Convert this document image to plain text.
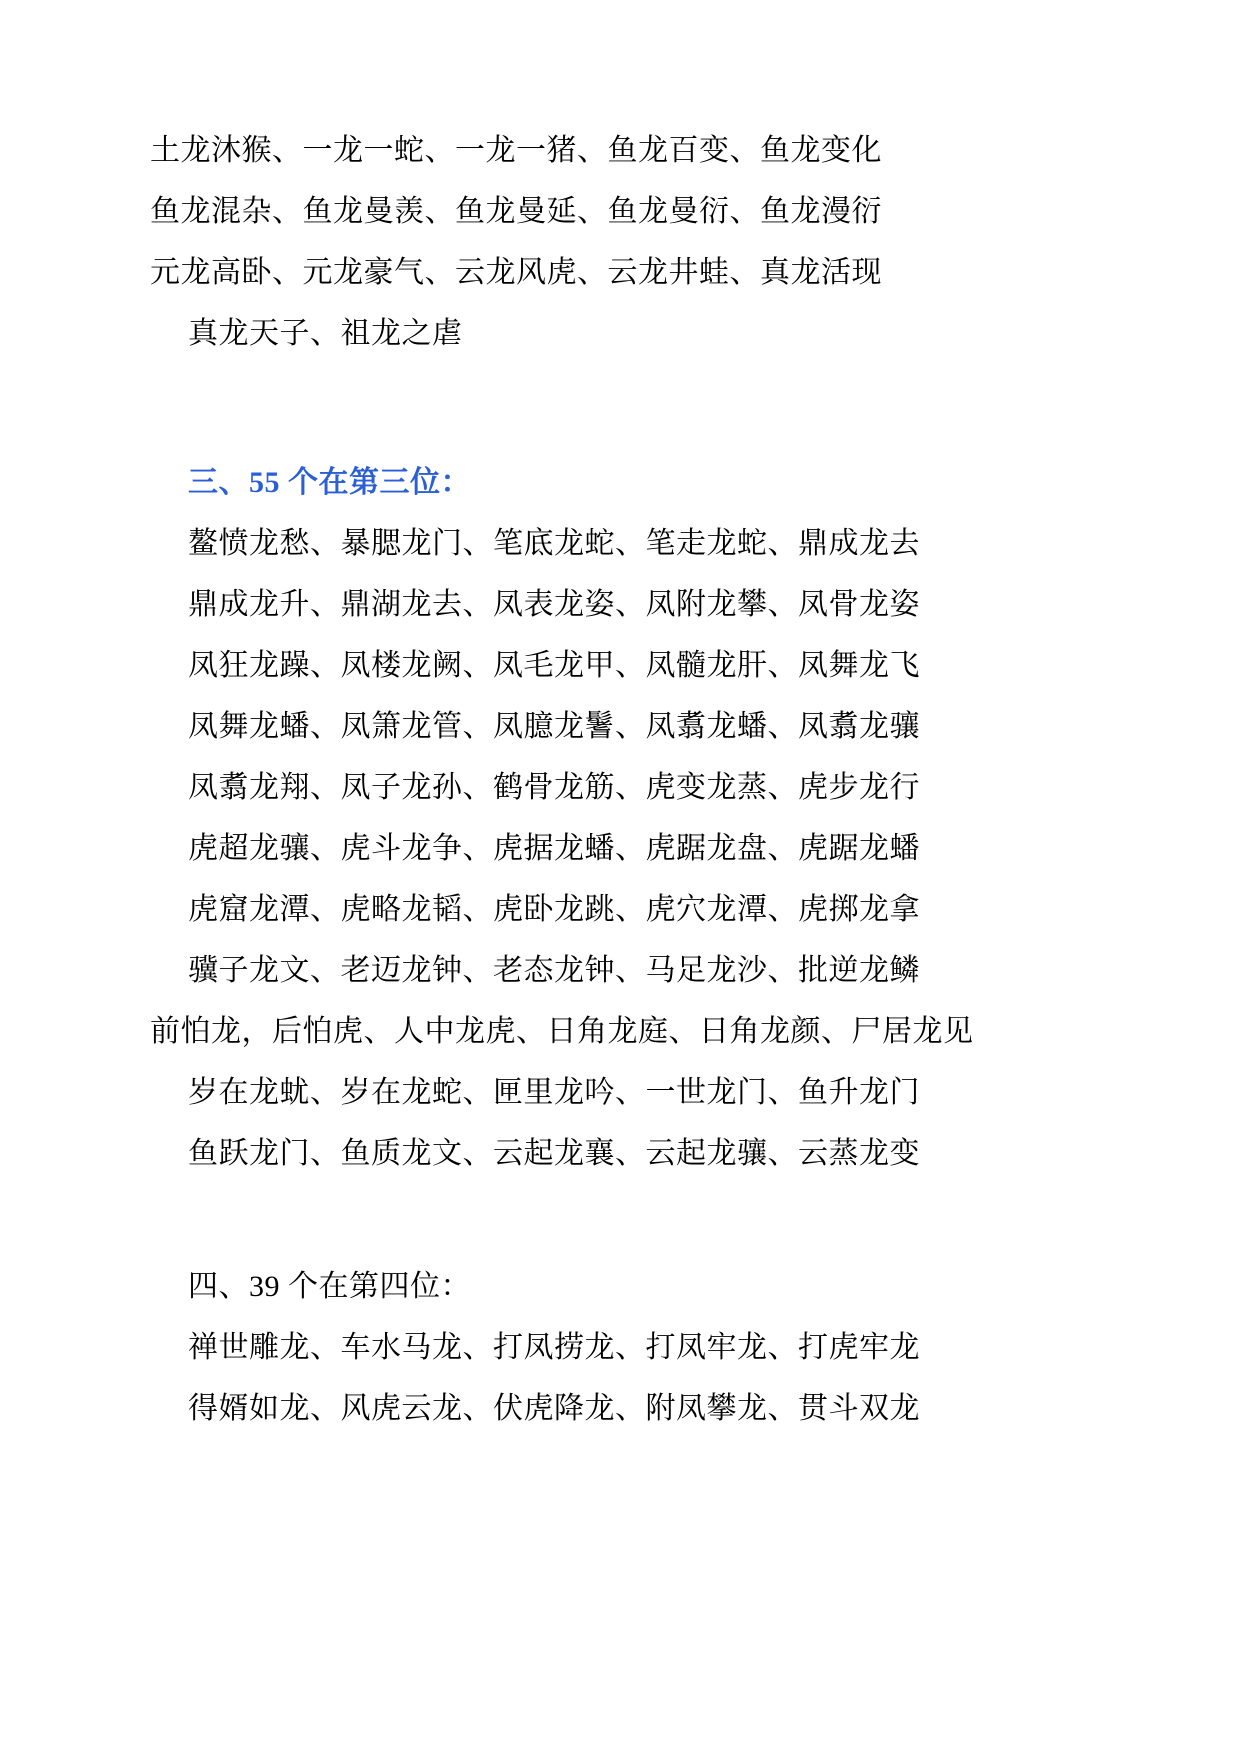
土龙沐猴、一龙一蛇、一龙一猪、鱼龙百变、鱼龙变化

鱼龙混杂、鱼龙曼羡、鱼龙曼延、鱼龙曼衍、鱼龙漫衍

元龙高卧、元龙豪气、云龙风虎、云龙井蛙、真龙活现

真龙天子、祖龙之虐

三、55 个在第三位：

鳌愤龙愁、暴腮龙门、笔底龙蛇、笔走龙蛇、鼎成龙去

鼎成龙升、鼎湖龙去、凤表龙姿、凤附龙攀、凤骨龙姿

凤狂龙躁、凤楼龙阙、凤毛龙甲、凤髓龙肝、凤舞龙飞

凤舞龙蟠、凤箫龙管、凤臆龙鬐、凤翥龙蟠、凤翥龙骧

凤翥龙翔、凤子龙孙、鹤骨龙筋、虎变龙蒸、虎步龙行

虎超龙骧、虎斗龙争、虎据龙蟠、虎踞龙盘、虎踞龙蟠

虎窟龙潭、虎略龙韬、虎卧龙跳、虎穴龙潭、虎掷龙拿

骥子龙文、老迈龙钟、老态龙钟、马足龙沙、批逆龙鳞

前怕龙，后怕虎、人中龙虎、日角龙庭、日角龙颜、尸居龙见

岁在龙蚘、岁在龙蛇、匣里龙吟、一世龙门、鱼升龙门

鱼跃龙门、鱼质龙文、云起龙襄、云起龙骧、云蒸龙变

四、39 个在第四位：

禅世雕龙、车水马龙、打凤捞龙、打凤牢龙、打虎牢龙

得婿如龙、风虎云龙、伏虎降龙、附凤攀龙、贯斗双龙
